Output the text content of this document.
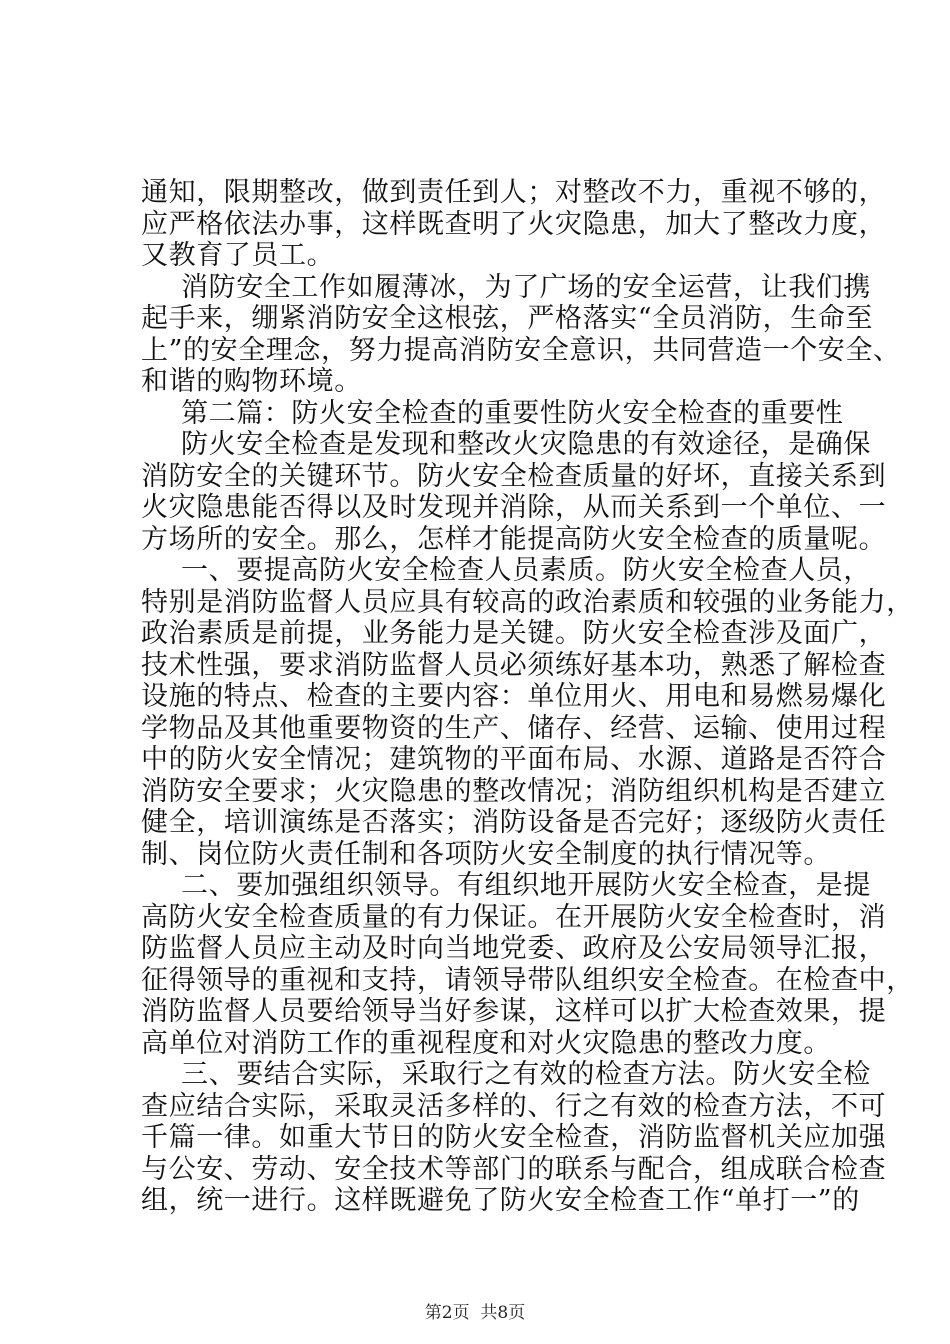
通知，限期整改，做到责任到人；对整改不力，重视不够的，
应严格依法办事，这样既查明了火灾隐患，加大了整改力度，
又教育了员工。
消防安全工作如履薄冰，为了广场的安全运营，让我们携
起手来，绷紧消防安全这根弦，严格落实“全员消防，生命至
上”的安全理念，努力提高消防安全意识，共同营造一个安全、
和谐的购物环境。
第二篇：防火安全检查的重要性防火安全检查的重要性
防火安全检查是发现和整改火灾隐患的有效途径，是确保
消防安全的关键环节。防火安全检查质量的好坏，直接关系到
火灾隐患能否得以及时发现并消除，从而关系到一个单位、一
方场所的安全。那么，怎样才能提高防火安全检查的质量呢。
一、要提高防火安全检查人员素质。防火安全检查人员，
特别是消防监督人员应具有较高的政治素质和较强的业务能力，
政治素质是前提，业务能力是关键。防火安全检查涉及面广，
技术性强，要求消防监督人员必须练好基本功，熟悉了解检查
设施的特点、检查的主要内容：单位用火、用电和易燃易爆化
学物品及其他重要物资的生产、储存、经营、运输、使用过程
中的防火安全情况；建筑物的平面布局、水源、道路是否符合
消防安全要求；火灾隐患的整改情况；消防组织机构是否建立
健全，培训演练是否落实；消防设备是否完好；逐级防火责任
制、岗位防火责任制和各项防火安全制度的执行情况等。
二、要加强组织领导。有组织地开展防火安全检查，是提
高防火安全检查质量的有力保证。在开展防火安全检查时，消
防监督人员应主动及时向当地党委、政府及公安局领导汇报，
征得领导的重视和支持，请领导带队组织安全检查。在检查中，
消防监督人员要给领导当好参谋，这样可以扩大检查效果，提
高单位对消防工作的重视程度和对火灾隐患的整改力度。
三、要结合实际，采取行之有效的检查方法。防火安全检
查应结合实际，采取灵活多样的、行之有效的检查方法，不可
千篇一律。如重大节日的防火安全检查，消防监督机关应加强
与公安、劳动、安全技术等部门的联系与配合，组成联合检查
组，统一进行。这样既避免了防火安全检查工作“单打一”的
第2页  共8页
